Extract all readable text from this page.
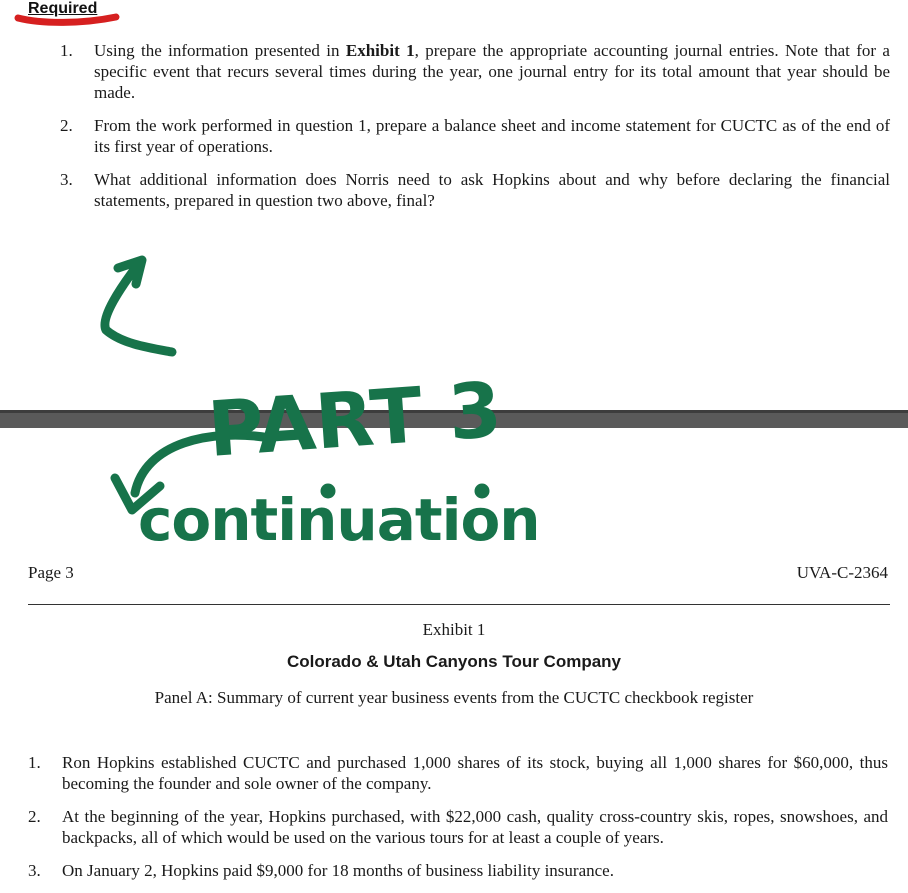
Required
1. Using the information presented in Exhibit 1, prepare the appropriate accounting journal entries. Note that for a specific event that recurs several times during the year, one journal entry for its total amount that year should be made.
2. From the work performed in question 1, prepare a balance sheet and income statement for CUCTC as of the end of its first year of operations.
3. What additional information does Norris need to ask Hopkins about and why before declaring the financial statements, prepared in question two above, final?
PART 3
continuation
Page 3	UVA-C-2364
Exhibit 1
Colorado & Utah Canyons Tour Company
Panel A: Summary of current year business events from the CUCTC checkbook register
1. Ron Hopkins established CUCTC and purchased 1,000 shares of its stock, buying all 1,000 shares for $60,000, thus becoming the founder and sole owner of the company.
2. At the beginning of the year, Hopkins purchased, with $22,000 cash, quality cross-country skis, ropes, snowshoes, and backpacks, all of which would be used on the various tours for at least a couple of years.
3. On January 2, Hopkins paid $9,000 for 18 months of business liability insurance.
